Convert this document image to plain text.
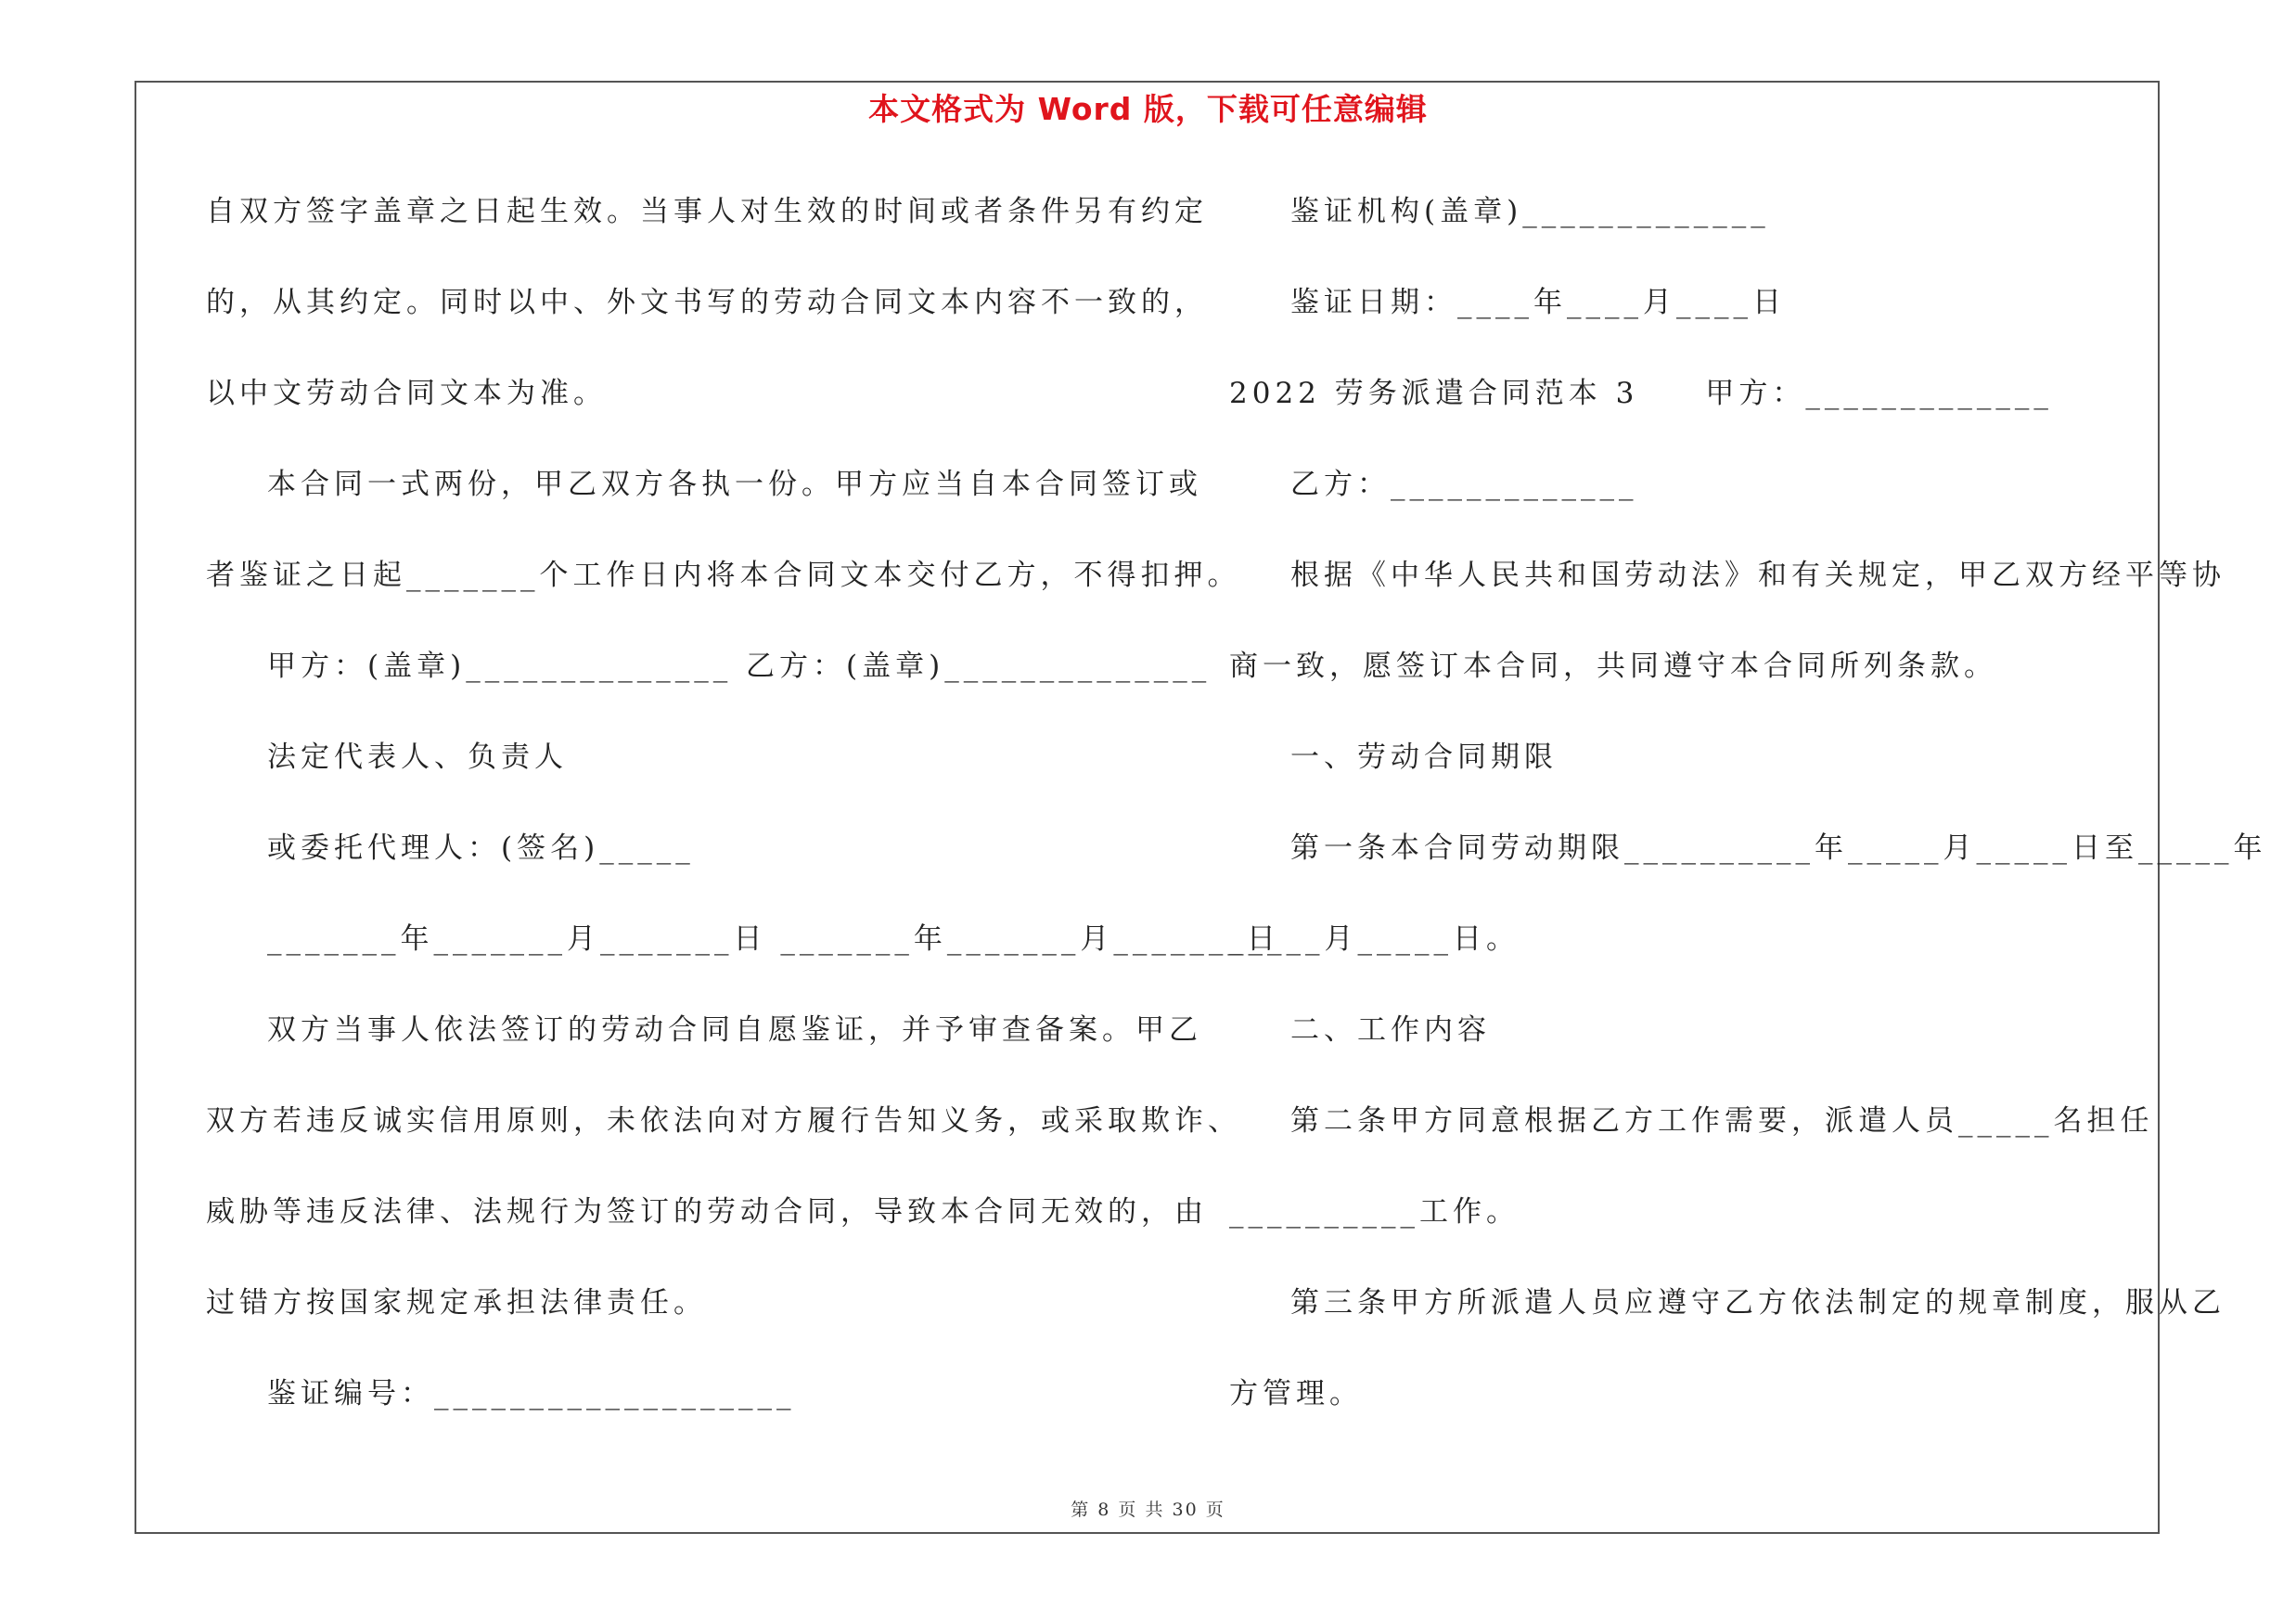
本文格式为 Word 版，下载可任意编辑
自双方签字盖章之日起生效。当事人对生效的时间或者条件另有约定
的，从其约定。同时以中、外文书写的劳动合同文本内容不一致的，
以中文劳动合同文本为准。
本合同一式两份，甲乙双方各执一份。甲方应当自本合同签订或
者鉴证之日起_______个工作日内将本合同文本交付乙方，不得扣押。
甲方：(盖章)______________ 乙方：(盖章)______________
法定代表人、负责人
或委托代理人：(签名)_____
_______年_______月_______日 _______年_______月_______日
双方当事人依法签订的劳动合同自愿鉴证，并予审查备案。甲乙
双方若违反诚实信用原则，未依法向对方履行告知义务，或采取欺诈、
威胁等违反法律、法规行为签订的劳动合同，导致本合同无效的，由
过错方按国家规定承担法律责任。
鉴证编号：___________________
鉴证机构(盖章)_____________
鉴证日期：____年____月____日
2022 劳务派遣合同范本 3　　甲方：_____________
乙方：_____________
根据《中华人民共和国劳动法》和有关规定，甲乙双方经平等协
商一致，愿签订本合同，共同遵守本合同所列条款。
一、劳动合同期限
第一条本合同劳动期限__________年_____月_____日至_____年
_____月_____日。
二、工作内容
第二条甲方同意根据乙方工作需要，派遣人员_____名担任
__________工作。
第三条甲方所派遣人员应遵守乙方依法制定的规章制度，服从乙
方管理。
第 8 页 共 30 页
